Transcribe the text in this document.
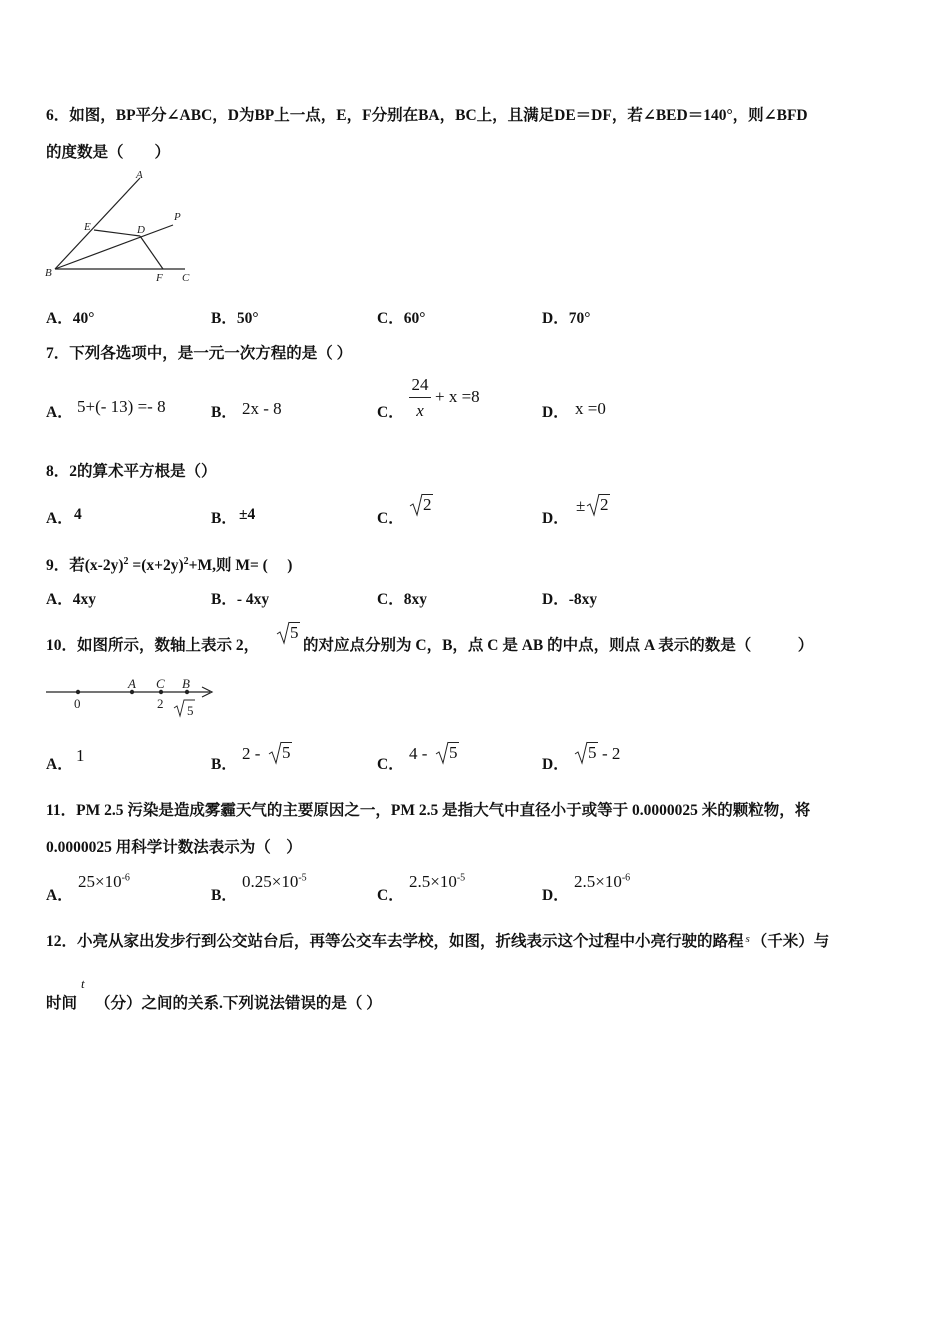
6．如图，BP平分∠ABC，D为BP上一点，E，F分别在BA，BC上，且满足DE＝DF，若∠BED＝140°，则∠BFD
的度数是（　　）
A
P
E	D
B	F C
A．40°	B．50°	C．60°	D．70°
7．下列各选项中，是一元一次方程的是（ ）
A． 5+(- 13) =- 8	B． 2x - 8	C．
24
x
+ x =8
D． x =0
8．2的算术平方根是（）
A． 4	B． ±4	C．
2
D．
± 2
9．若$(x-2y)^2 =(x+2y)^2+M$,则 M= (　 )
A．4xy	B．- 4xy	C．8xy	D．-8xy
10．如图所示，数轴上表示 2，
5
的对应点分别为 C，B，点 C 是 AB 的中点，则点 A 表示的数是（　　　）
A C B
0	2 5
A． 1	B．
2 - 5
C．
4 - 5
D．
5 - 2
11．PM 2.5 污染是造成雾霾天气的主要原因之一，PM 2.5 是指大气中直径小于或等于 0.0000025 米的颗粒物，将
0.0000025 用科学计数法表示为（　）
A．
$25\times 10^{-6}$
B．
$0.25\times 10^{-5}$
C．
$2.5\times 10^{-5}$
D．
$2.5\times 10^{-6}$
12．小亮从家出发步行到公交站台后，再等公交车去学校，如图，折线表示这个过程中小亮行驶的路程 $^s$ （千米）与
t
时间 （分）之间的关系.下列说法错误的是（ ）
